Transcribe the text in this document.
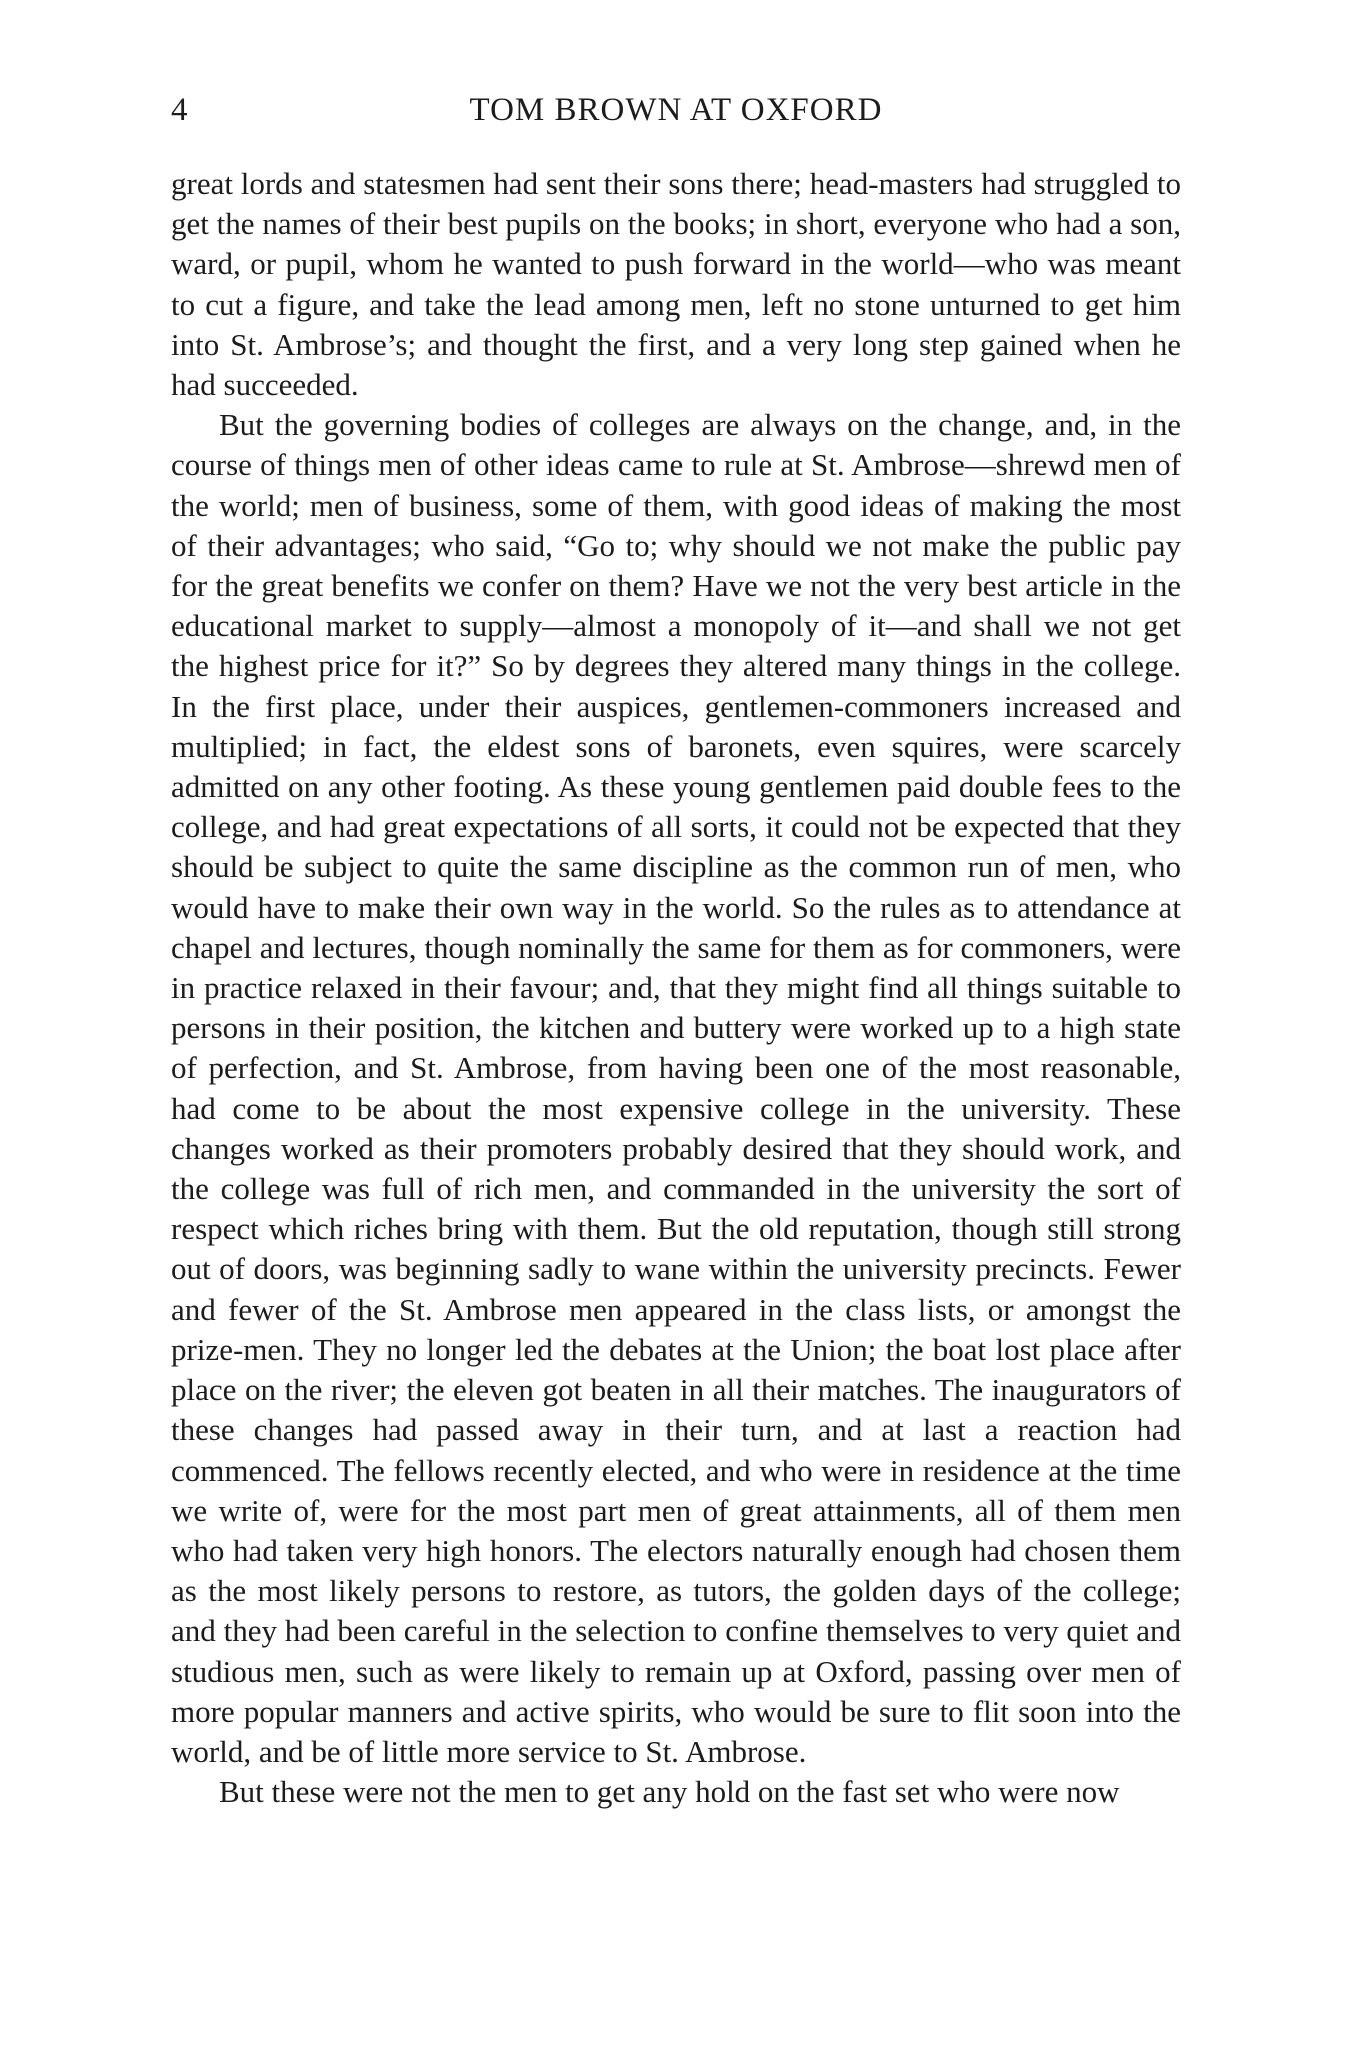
4	TOM BROWN AT OXFORD

great lords and statesmen had sent their sons there; head-masters had struggled to get the names of their best pupils on the books; in short, everyone who had a son, ward, or pupil, whom he wanted to push forward in the world—who was meant to cut a figure, and take the lead among men, left no stone unturned to get him into St. Ambrose’s; and thought the first, and a very long step gained when he had succeeded.

But the governing bodies of colleges are always on the change, and, in the course of things men of other ideas came to rule at St. Ambrose—shrewd men of the world; men of business, some of them, with good ideas of making the most of their advantages; who said, “Go to; why should we not make the public pay for the great benefits we confer on them? Have we not the very best article in the educational market to supply—almost a monopoly of it—and shall we not get the highest price for it?” So by degrees they altered many things in the college. In the first place, under their auspices, gentlemen-commoners increased and multiplied; in fact, the eldest sons of baronets, even squires, were scarcely admitted on any other footing. As these young gentlemen paid double fees to the college, and had great expectations of all sorts, it could not be expected that they should be subject to quite the same discipline as the common run of men, who would have to make their own way in the world. So the rules as to attendance at chapel and lectures, though nominally the same for them as for commoners, were in practice relaxed in their favour; and, that they might find all things suitable to persons in their position, the kitchen and buttery were worked up to a high state of perfection, and St. Ambrose, from having been one of the most reasonable, had come to be about the most expensive college in the university. These changes worked as their promoters probably desired that they should work, and the college was full of rich men, and commanded in the university the sort of respect which riches bring with them. But the old reputation, though still strong out of doors, was beginning sadly to wane within the university precincts. Fewer and fewer of the St. Ambrose men appeared in the class lists, or amongst the prize-men. They no longer led the debates at the Union; the boat lost place after place on the river; the eleven got beaten in all their matches. The inaugurators of these changes had passed away in their turn, and at last a reaction had commenced. The fellows recently elected, and who were in residence at the time we write of, were for the most part men of great attainments, all of them men who had taken very high honors. The electors naturally enough had chosen them as the most likely persons to restore, as tutors, the golden days of the college; and they had been careful in the selection to confine themselves to very quiet and studious men, such as were likely to remain up at Oxford, passing over men of more popular manners and active spirits, who would be sure to flit soon into the world, and be of little more service to St. Ambrose.

But these were not the men to get any hold on the fast set who were now
